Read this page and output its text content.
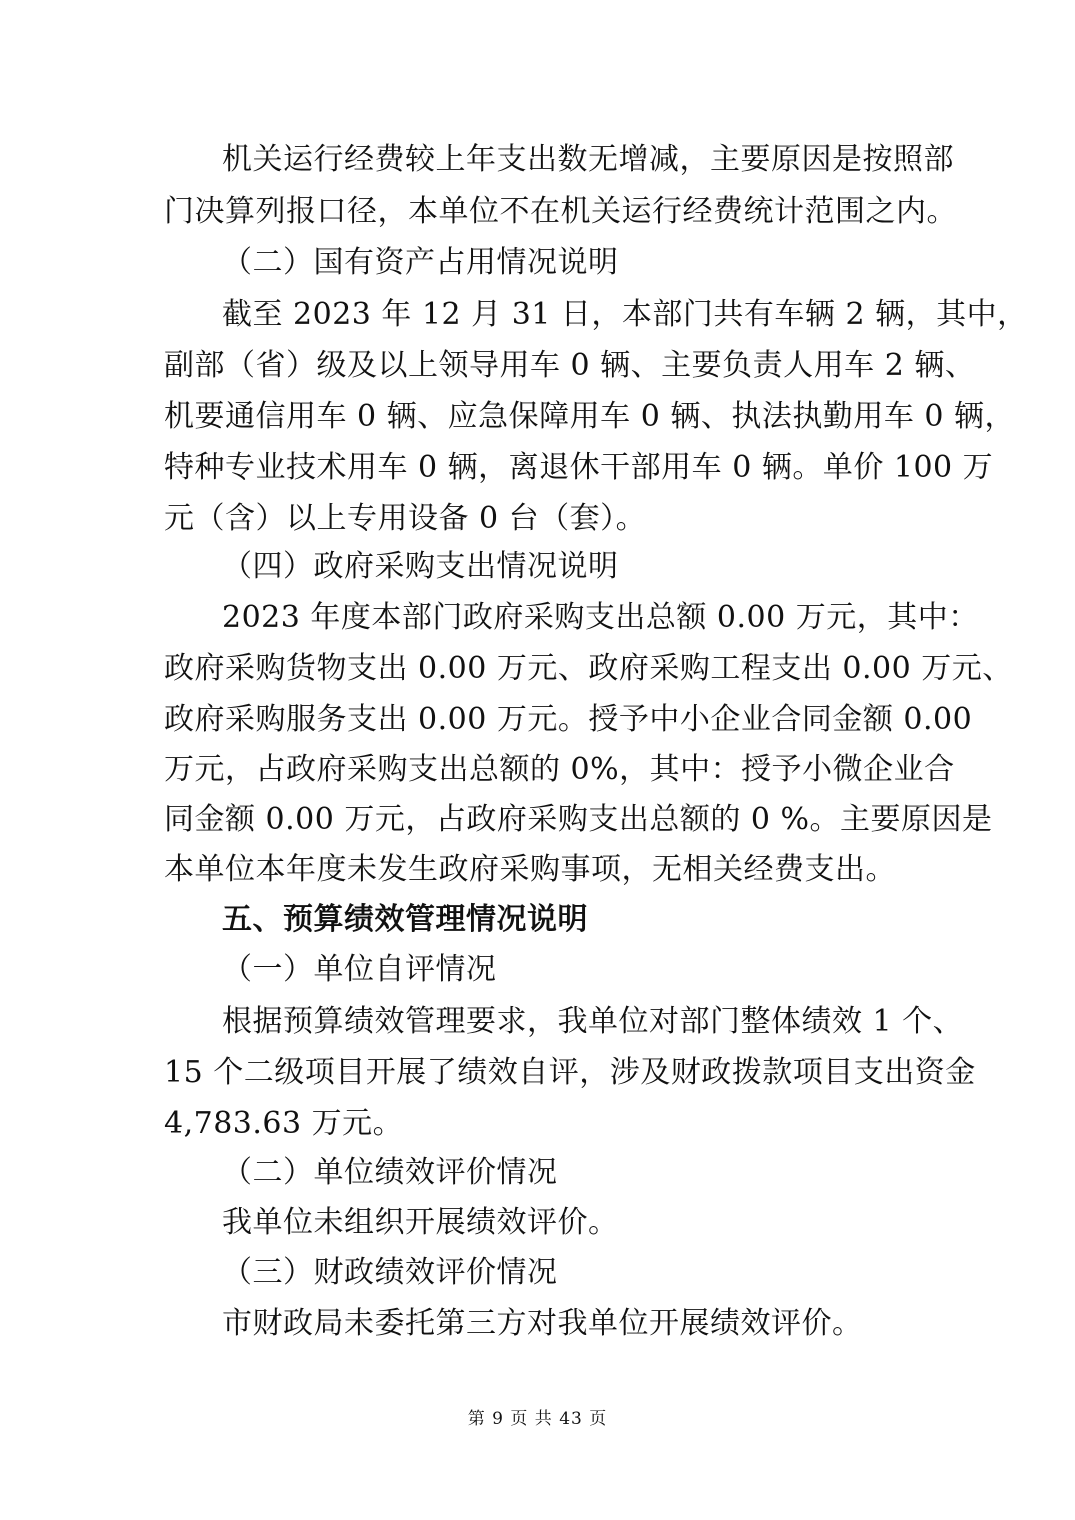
机关运行经费较上年支出数无增减，主要原因是按照部
门决算列报口径，本单位不在机关运行经费统计范围之内。
（二）国有资产占用情况说明
截至 2023 年 12 月 31 日，本部门共有车辆 2 辆，其中，
副部（省）级及以上领导用车 0 辆、主要负责人用车 2 辆、
机要通信用车 0 辆、应急保障用车 0 辆、执法执勤用车 0 辆，
特种专业技术用车 0 辆，离退休干部用车 0 辆。单价 100 万
元（含）以上专用设备 0 台（套）。
（四）政府采购支出情况说明
2023 年度本部门政府采购支出总额 0.00 万元，其中：
政府采购货物支出 0.00 万元、政府采购工程支出 0.00 万元、
政府采购服务支出 0.00 万元。授予中小企业合同金额 0.00
万元，占政府采购支出总额的 0%，其中：授予小微企业合
同金额 0.00 万元，占政府采购支出总额的 0 %。主要原因是
本单位本年度未发生政府采购事项，无相关经费支出。
五、预算绩效管理情况说明
（一）单位自评情况
根据预算绩效管理要求，我单位对部门整体绩效 1 个、
15 个二级项目开展了绩效自评，涉及财政拨款项目支出资金
4,783.63 万元。
（二）单位绩效评价情况
我单位未组织开展绩效评价。
（三）财政绩效评价情况
市财政局未委托第三方对我单位开展绩效评价。
第 9 页 共 43 页
